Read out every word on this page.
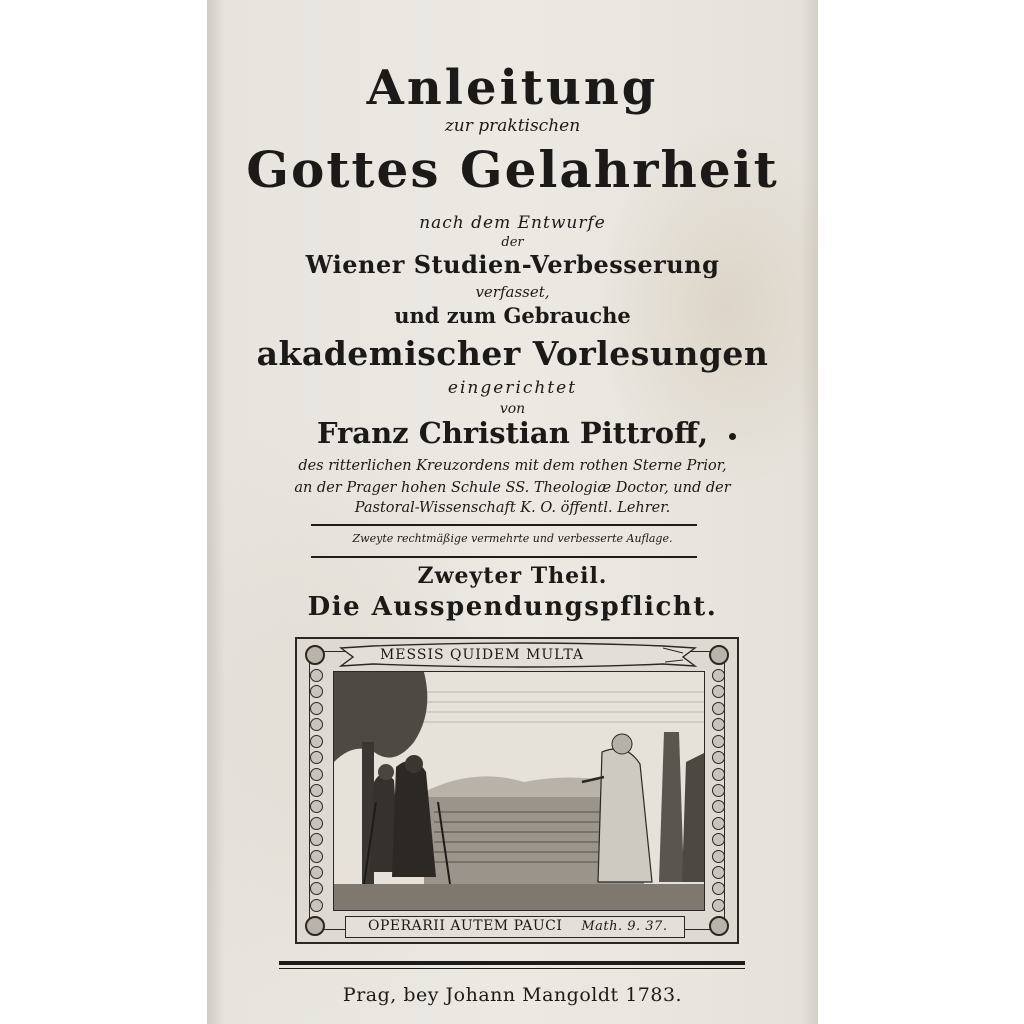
Anleitung
zur praktischen
Gottes Gelahrheit
nach dem Entwurfe
der
Wiener Studien-Verbesserung
verfasset,
und zum Gebrauche
akademischer Vorlesungen
eingerichtet
von
Franz Christian Pittroff,
des ritterlichen Kreuzordens mit dem rothen Sterne Prior,
an der Prager hohen Schule SS. Theologiæ Doctor, und der
Pastoral-Wissenschaft K. O. öffentl. Lehrer.
Zweyte rechtmäßige vermehrte und verbesserte Auflage.
Zweyter Theil.
Die Ausspendungspflicht.
MESSIS QUIDEM MULTA
OPERARII AUTEM PAUCI Math. 9. 37.
Prag, bey Johann Mangoldt 1783.
